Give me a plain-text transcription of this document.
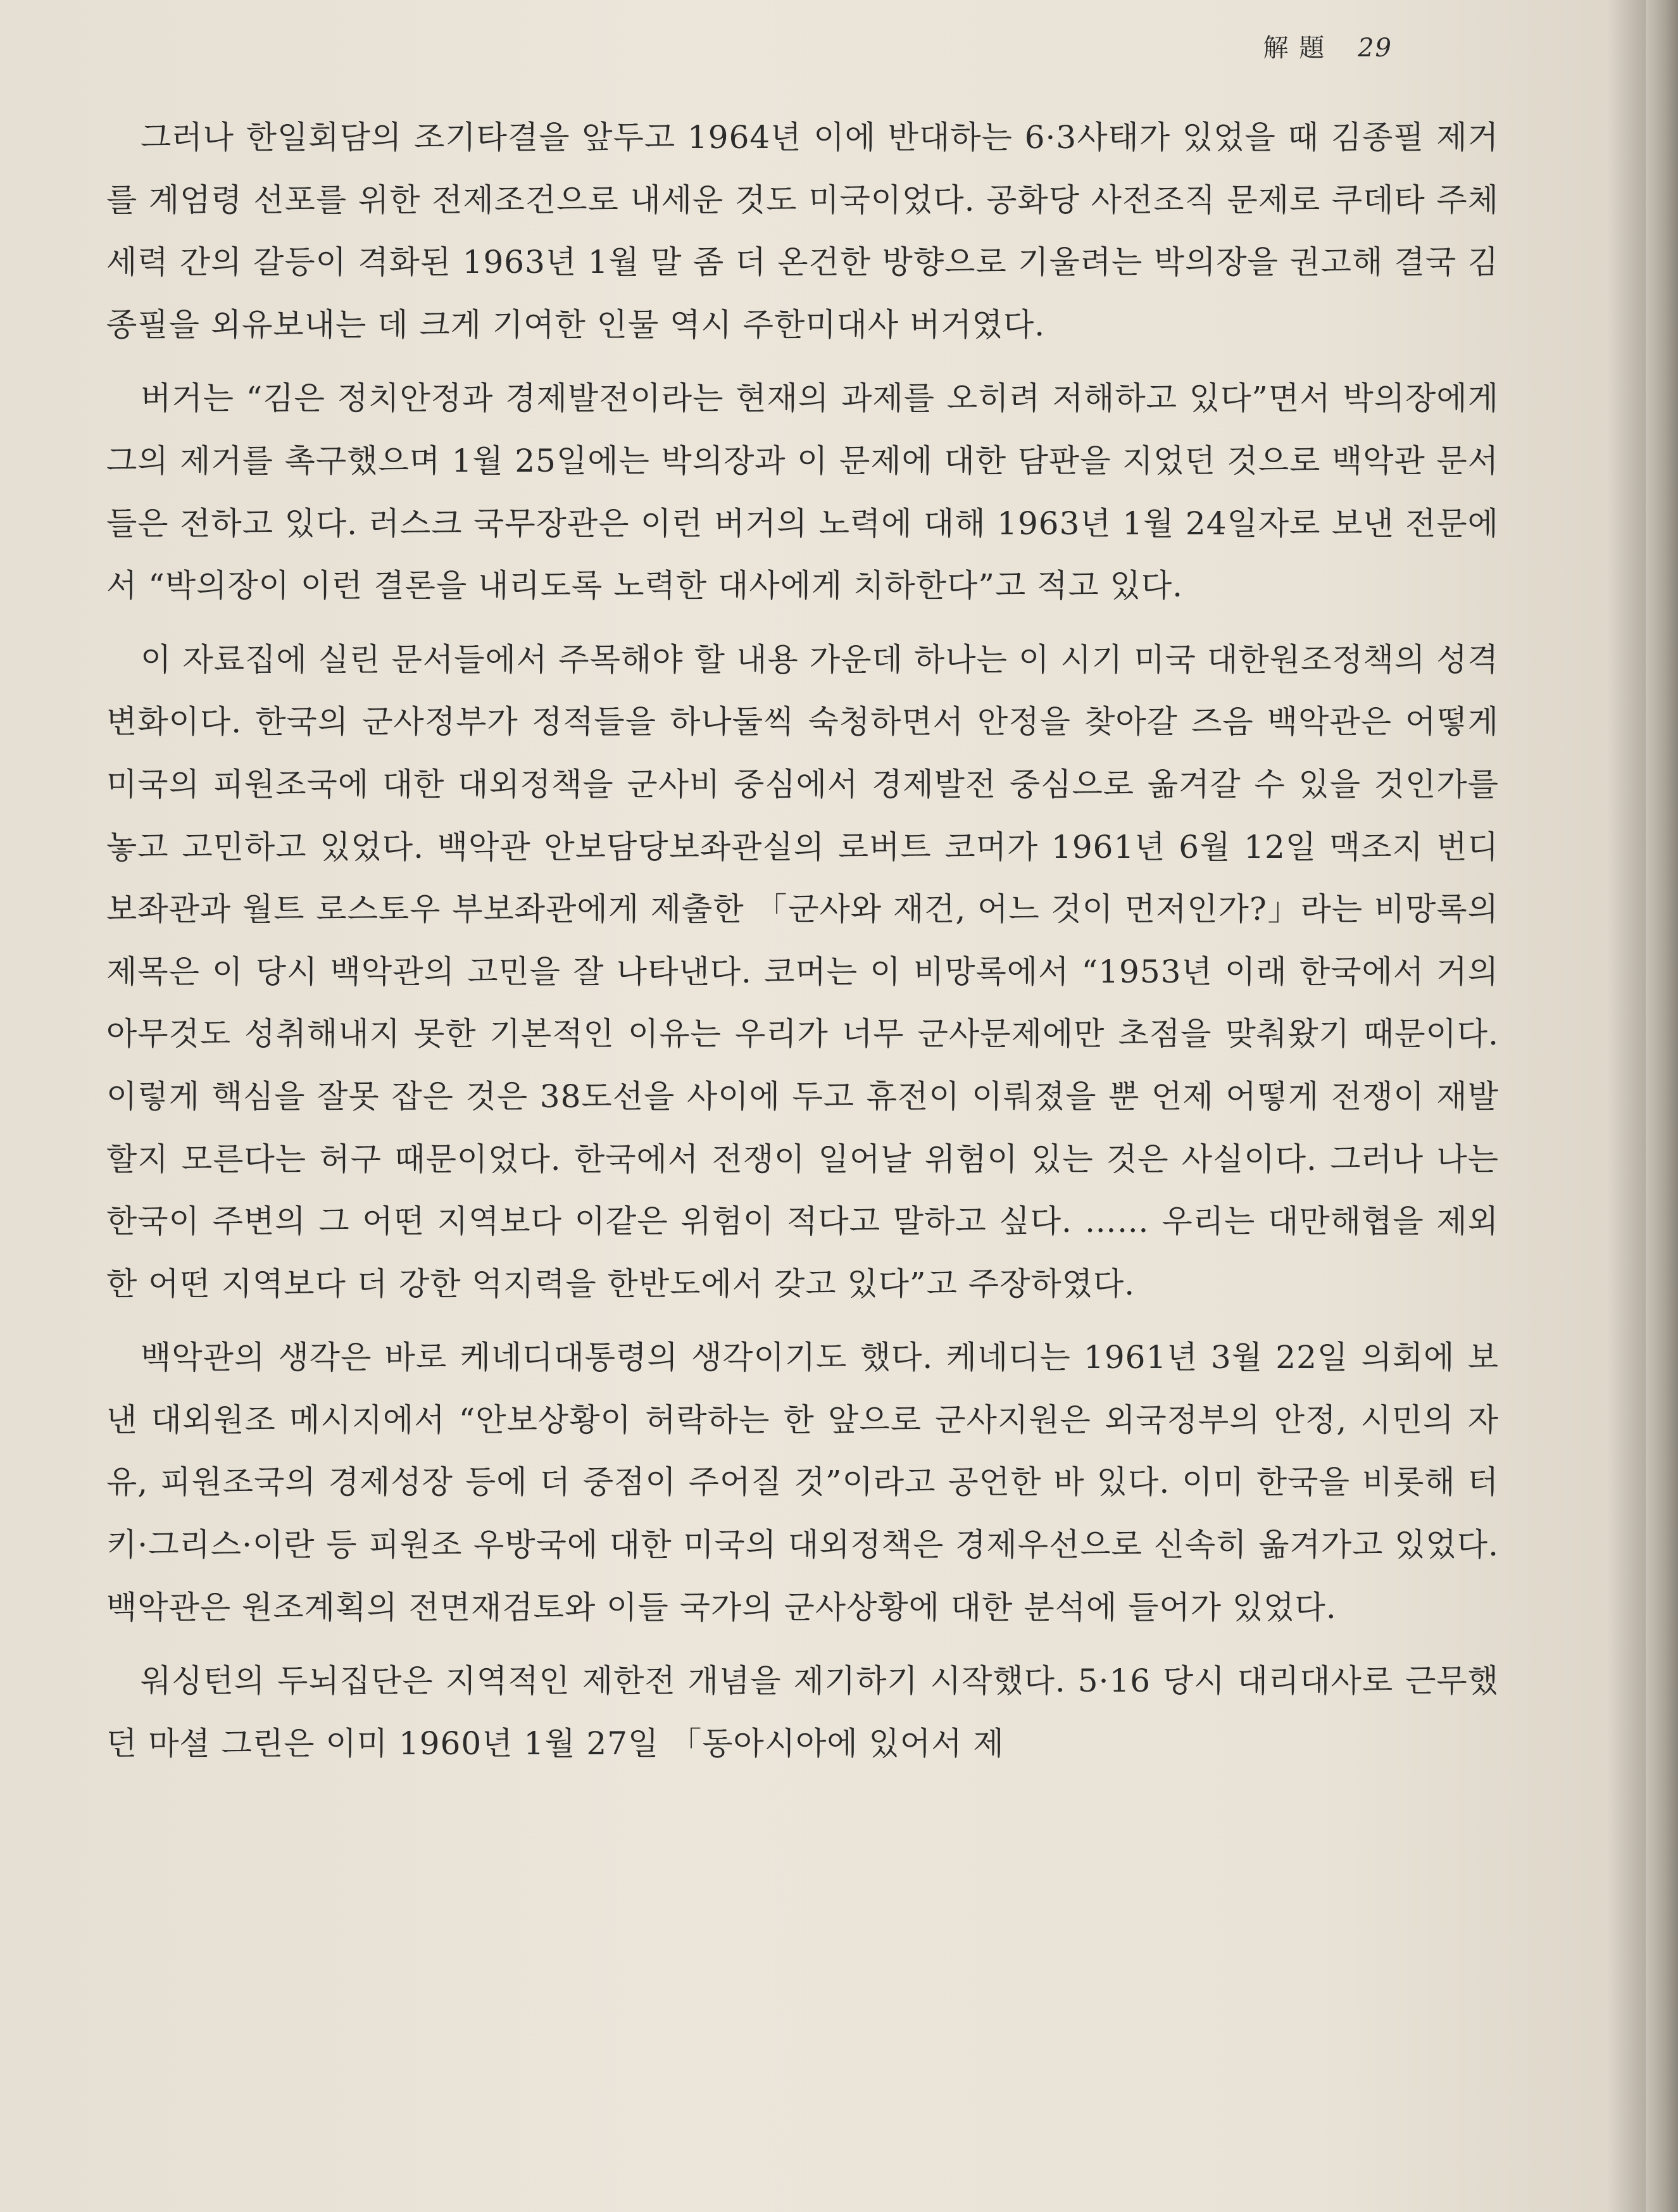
解 題 29

그러나 한일회담의 조기타결을 앞두고 1964년 이에 반대하는 6·3사태가 있었을 때 김종필 제거를 계엄령 선포를 위한 전제조건으로 내세운 것도 미국이었다. 공화당 사전조직 문제로 쿠데타 주체세력 간의 갈등이 격화된 1963년 1월 말 좀 더 온건한 방향으로 기울려는 박의장을 권고해 결국 김종필을 외유보내는 데 크게 기여한 인물 역시 주한미대사 버거였다.

버거는 “김은 정치안정과 경제발전이라는 현재의 과제를 오히려 저해하고 있다”면서 박의장에게 그의 제거를 촉구했으며 1월 25일에는 박의장과 이 문제에 대한 담판을 지었던 것으로 백악관 문서들은 전하고 있다. 러스크 국무장관은 이런 버거의 노력에 대해 1963년 1월 24일자로 보낸 전문에서 “박의장이 이런 결론을 내리도록 노력한 대사에게 치하한다”고 적고 있다.

이 자료집에 실린 문서들에서 주목해야 할 내용 가운데 하나는 이 시기 미국 대한원조정책의 성격 변화이다. 한국의 군사정부가 정적들을 하나둘씩 숙청하면서 안정을 찾아갈 즈음 백악관은 어떻게 미국의 피원조국에 대한 대외정책을 군사비 중심에서 경제발전 중심으로 옮겨갈 수 있을 것인가를 놓고 고민하고 있었다. 백악관 안보담당보좌관실의 로버트 코머가 1961년 6월 12일 맥조지 번디 보좌관과 월트 로스토우 부보좌관에게 제출한 「군사와 재건, 어느 것이 먼저인가?」라는 비망록의 제목은 이 당시 백악관의 고민을 잘 나타낸다. 코머는 이 비망록에서 “1953년 이래 한국에서 거의 아무것도 성취해내지 못한 기본적인 이유는 우리가 너무 군사문제에만 초점을 맞춰왔기 때문이다. 이렇게 핵심을 잘못 잡은 것은 38도선을 사이에 두고 휴전이 이뤄졌을 뿐 언제 어떻게 전쟁이 재발할지 모른다는 허구 때문이었다. 한국에서 전쟁이 일어날 위험이 있는 것은 사실이다. 그러나 나는 한국이 주변의 그 어떤 지역보다 이같은 위험이 적다고 말하고 싶다. …… 우리는 대만해협을 제외한 어떤 지역보다 더 강한 억지력을 한반도에서 갖고 있다”고 주장하였다.

백악관의 생각은 바로 케네디대통령의 생각이기도 했다. 케네디는 1961년 3월 22일 의회에 보낸 대외원조 메시지에서 “안보상황이 허락하는 한 앞으로 군사지원은 외국정부의 안정, 시민의 자유, 피원조국의 경제성장 등에 더 중점이 주어질 것”이라고 공언한 바 있다. 이미 한국을 비롯해 터키·그리스·이란 등 피원조 우방국에 대한 미국의 대외정책은 경제우선으로 신속히 옮겨가고 있었다. 백악관은 원조계획의 전면재검토와 이들 국가의 군사상황에 대한 분석에 들어가 있었다.

워싱턴의 두뇌집단은 지역적인 제한전 개념을 제기하기 시작했다. 5·16 당시 대리대사로 근무했던 마셜 그린은 이미 1960년 1월 27일 「동아시아에 있어서 제
